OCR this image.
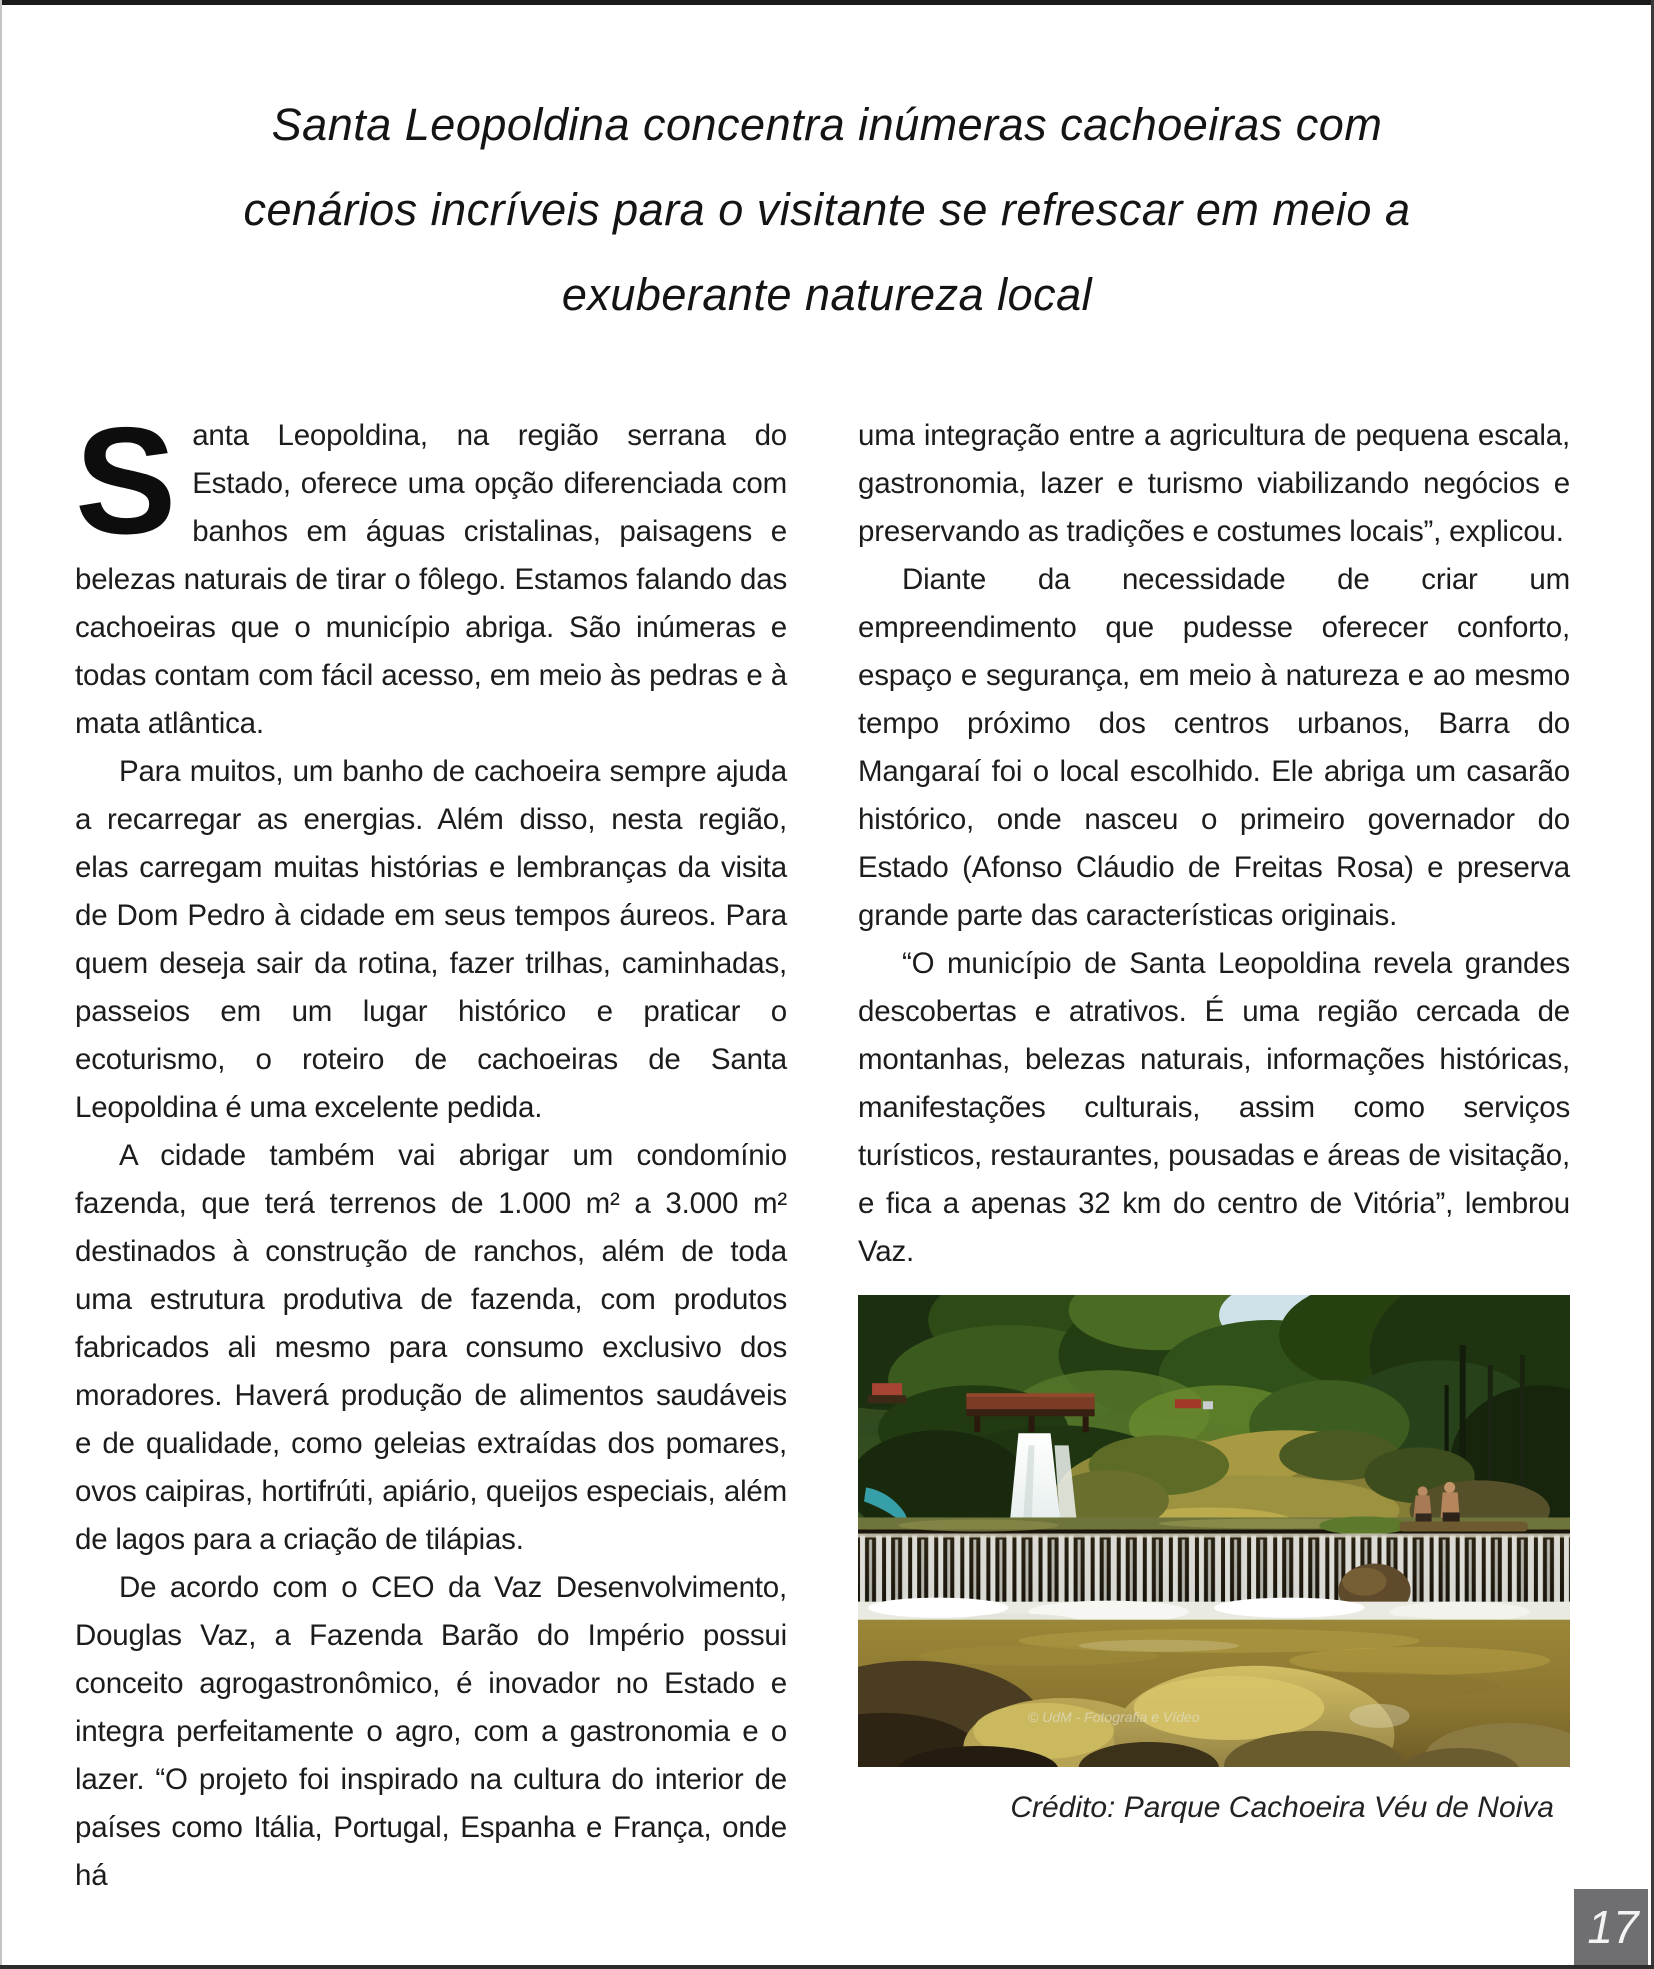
Santa Leopoldina concentra inúmeras cachoeiras com
cenários incríveis para o visitante se refrescar em meio a
exuberante natureza local

Santa Leopoldina, na região serrana do Estado, oferece uma opção diferenciada com banhos em águas cristalinas, paisagens e belezas naturais de tirar o fôlego. Estamos falando das cachoeiras que o município abriga. São inúmeras e todas contam com fácil acesso, em meio às pedras e à mata atlântica.

Para muitos, um banho de cachoeira sempre ajuda a recarregar as energias. Além disso, nesta região, elas carregam muitas histórias e lembranças da visita de Dom Pedro à cidade em seus tempos áureos. Para quem deseja sair da rotina, fazer trilhas, caminhadas, passeios em um lugar histórico e praticar o ecoturismo, o roteiro de cachoeiras de Santa Leopoldina é uma excelente pedida.

A cidade também vai abrigar um condomínio fazenda, que terá terrenos de 1.000 m² a 3.000 m² destinados à construção de ranchos, além de toda uma estrutura produtiva de fazenda, com produtos fabricados ali mesmo para consumo exclusivo dos moradores. Haverá produção de alimentos saudáveis e de qualidade, como geleias extraídas dos pomares, ovos caipiras, hortifrúti, apiário, queijos especiais, além de lagos para a criação de tilápias.

De acordo com o CEO da Vaz Desenvolvimento, Douglas Vaz, a Fazenda Barão do Império possui conceito agrogastronômico, é inovador no Estado e integra perfeitamente o agro, com a gastronomia e o lazer. “O projeto foi inspirado na cultura do interior de países como Itália, Portugal, Espanha e França, onde há

uma integração entre a agricultura de pequena escala, gastronomia, lazer e turismo viabilizando negócios e preservando as tradições e costumes locais”, explicou.

Diante da necessidade de criar um empreendimento que pudesse oferecer conforto, espaço e segurança, em meio à natureza e ao mesmo tempo próximo dos centros urbanos, Barra do Mangaraí foi o local escolhido. Ele abriga um casarão histórico, onde nasceu o primeiro governador do Estado (Afonso Cláudio de Freitas Rosa) e preserva grande parte das características originais.

“O município de Santa Leopoldina revela grandes descobertas e atrativos. É uma região cercada de montanhas, belezas naturais, informações históricas, manifestações culturais, assim como serviços turísticos, restaurantes, pousadas e áreas de visitação, e fica a apenas 32 km do centro de Vitória”, lembrou Vaz.

© UdM - Fotografia e Vídeo
Crédito: Parque Cachoeira Véu de Noiva
17
